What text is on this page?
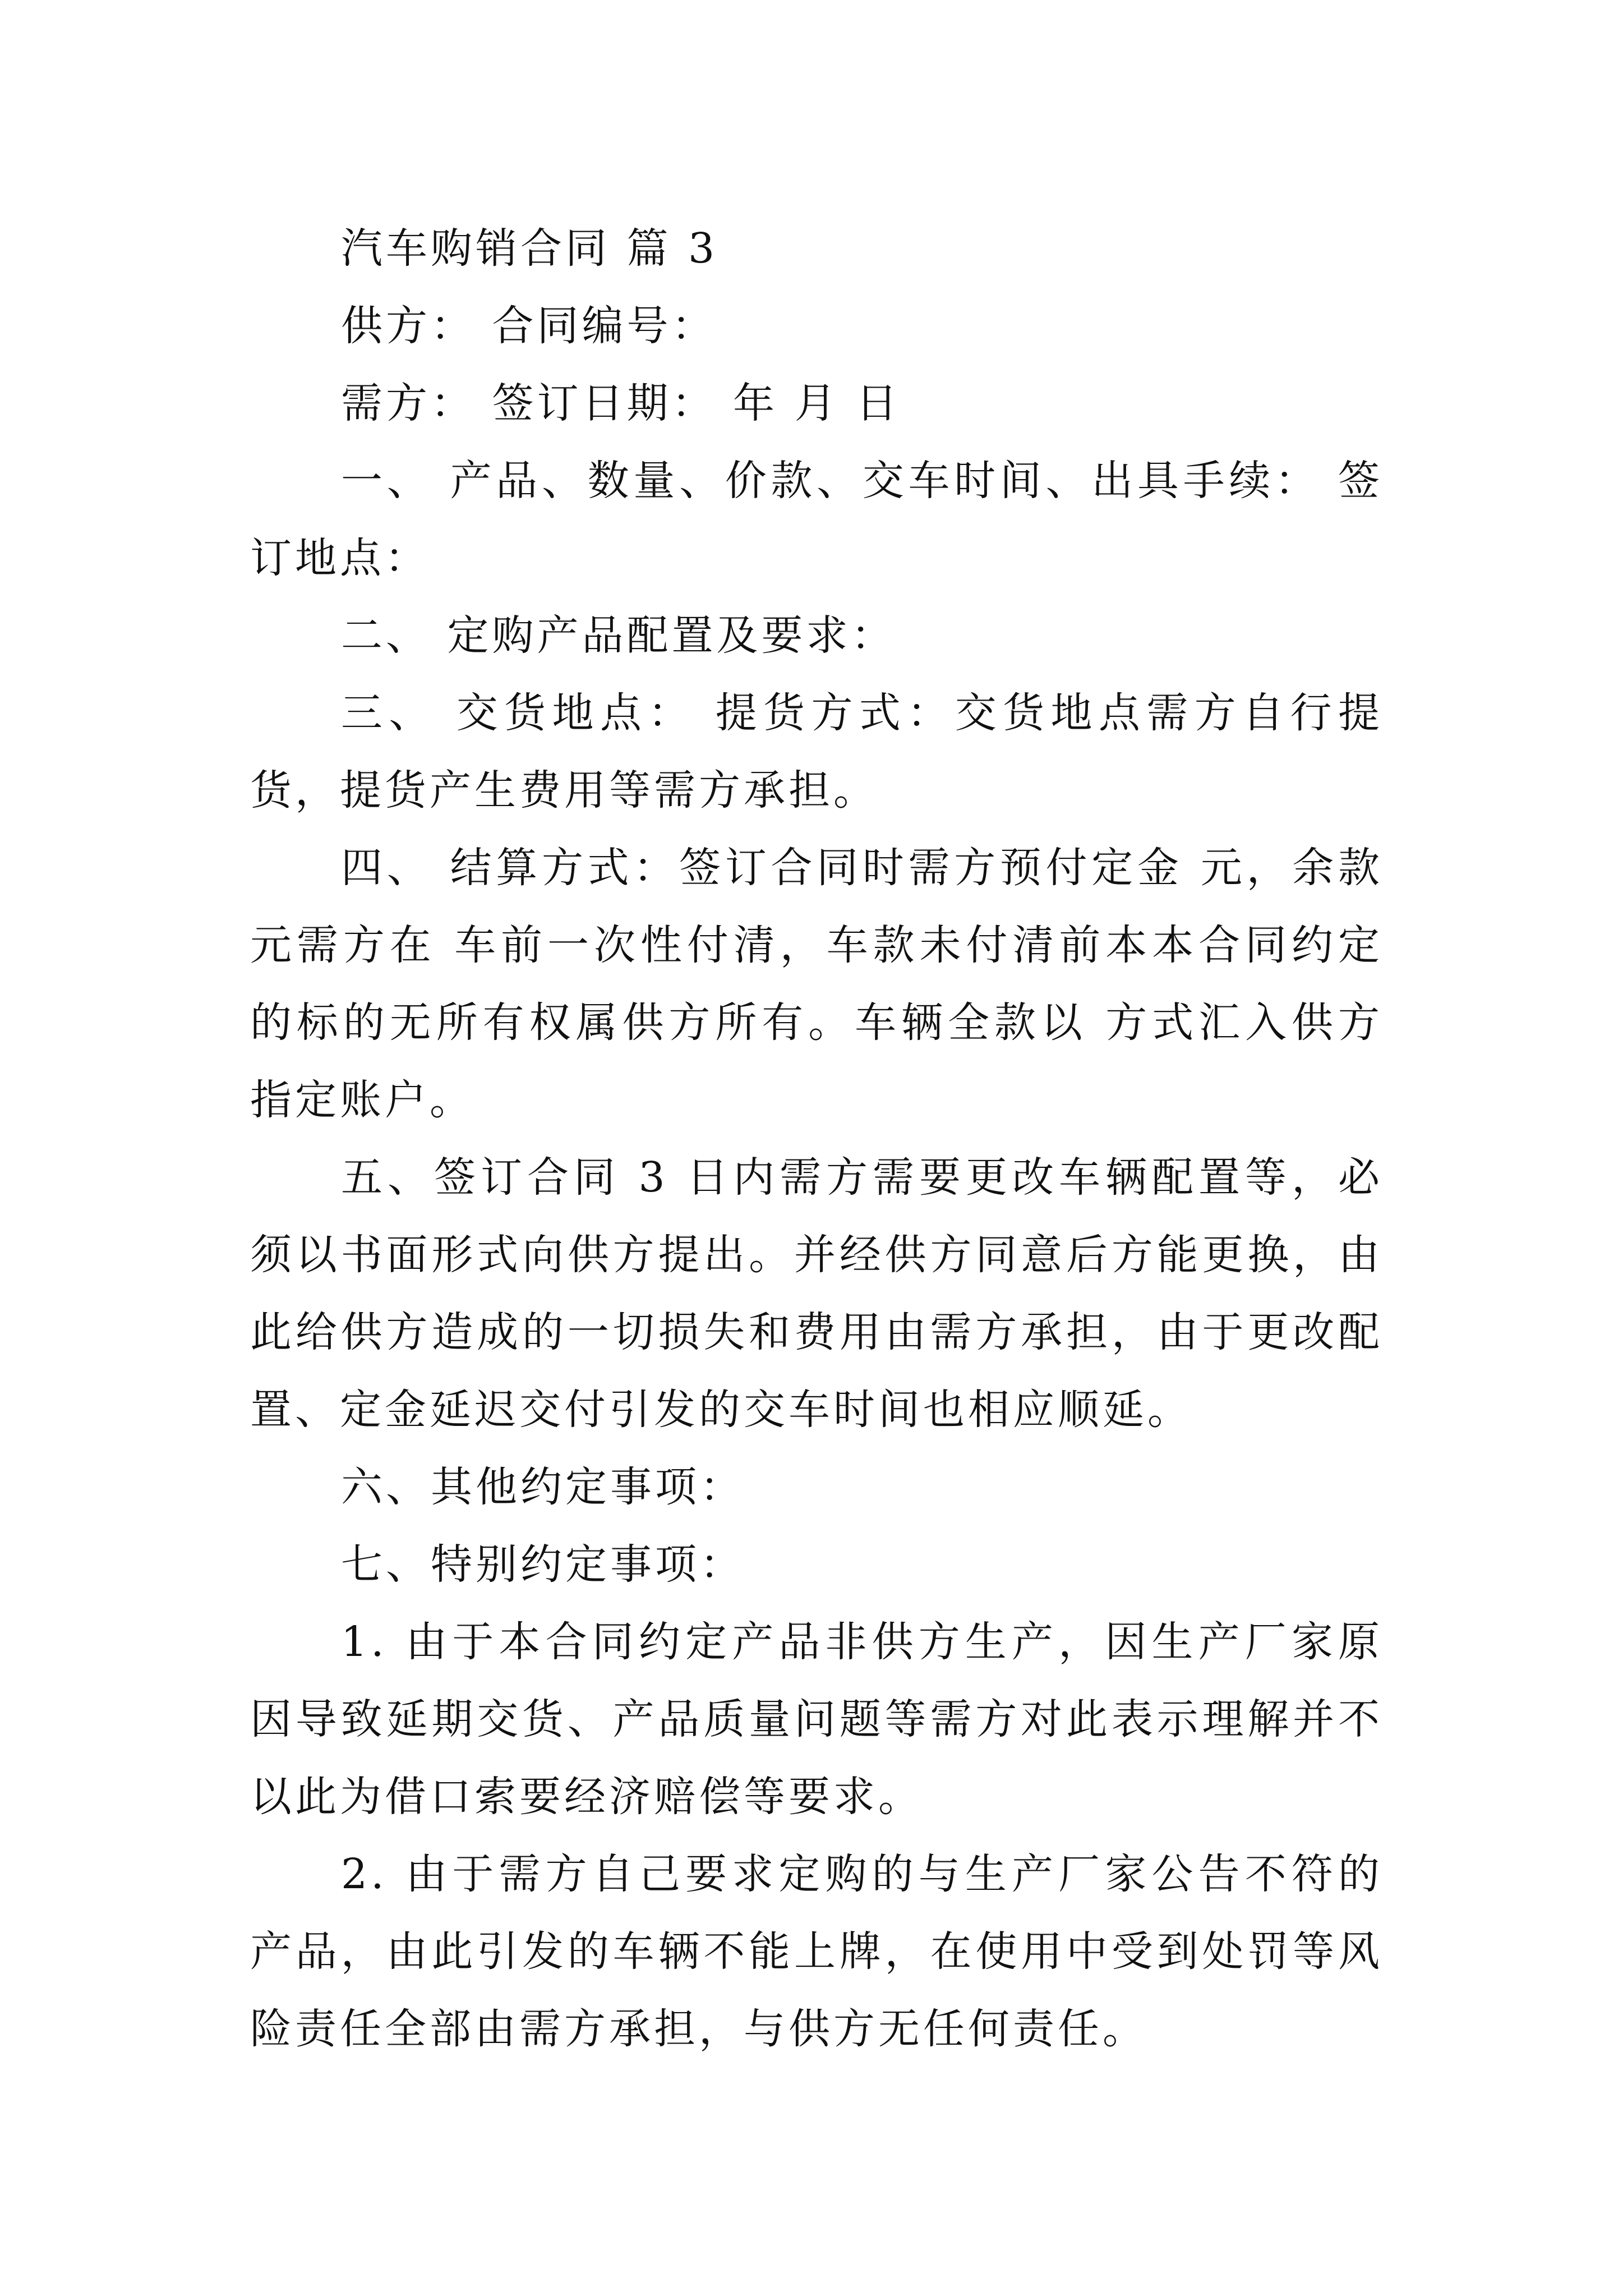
汽车购销合同 篇 3

供方： 合同编号：

需方： 签订日期： 年 月 日

一、 产品、数量、价款、交车时间、出具手续： 签订地点：

二、 定购产品配置及要求：

三、 交货地点： 提货方式：交货地点需方自行提货，提货产生费用等需方承担。

四、 结算方式：签订合同时需方预付定金 元，余款元需方在 车前一次性付清，车款未付清前本本合同约定的标的无所有权属供方所有。车辆全款以 方式汇入供方指定账户。

五、签订合同 3 日内需方需要更改车辆配置等，必须以书面形式向供方提出。并经供方同意后方能更换，由此给供方造成的一切损失和费用由需方承担，由于更改配置、定金延迟交付引发的交车时间也相应顺延。

六、其他约定事项：

七、特别约定事项：

1. 由于本合同约定产品非供方生产，因生产厂家原因导致延期交货、产品质量问题等需方对此表示理解并不以此为借口索要经济赔偿等要求。

2. 由于需方自己要求定购的与生产厂家公告不符的产品，由此引发的车辆不能上牌，在使用中受到处罚等风险责任全部由需方承担，与供方无任何责任。
